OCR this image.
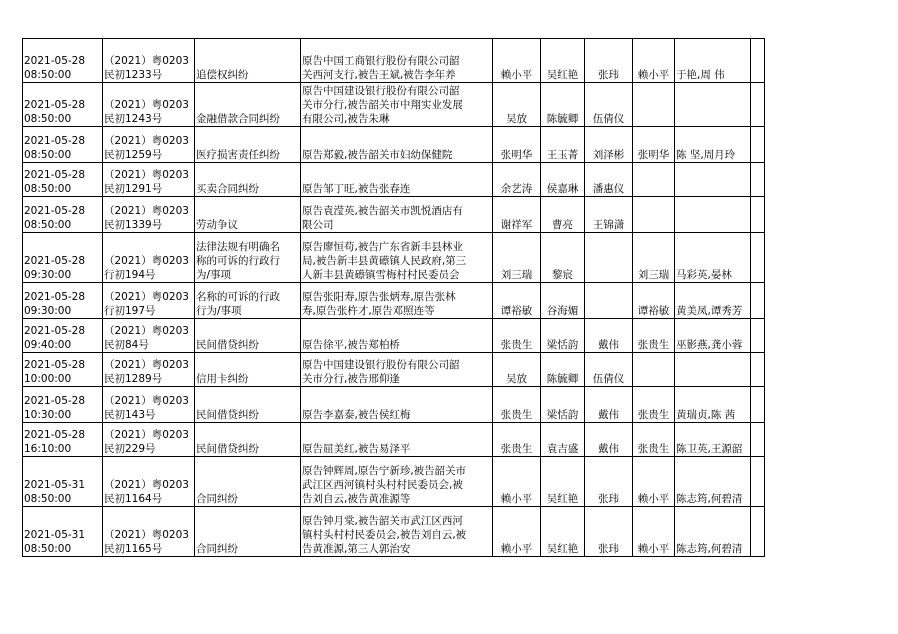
2021-05-28
08:50:00	（2021）粤0203
民初1233号	追偿权纠纷	原告中国工商银行股份有限公司韶
关西河支行,被告王斌,被告李年养	赖小平	吴红艳	张玮	赖小平	于艳,周 伟	
2021-05-28
08:50:00	（2021）粤0203
民初1243号	金融借款合同纠纷	原告中国建设银行股份有限公司韶
关市分行,被告韶关市中翔实业发展
有限公司,被告朱琳	吴放	陈毓卿	伍倩仪			
2021-05-28
08:50:00	（2021）粤0203
民初1259号	医疗损害责任纠纷	原告郑毅,被告韶关市妇幼保健院	张明华	王玉菁	刘泽彬	张明华	陈 坚,周月玲	
2021-05-28
08:50:00	（2021）粤0203
民初1291号	买卖合同纠纷	原告邹丁旺,被告张春连	余艺涛	侯嘉琳	潘惠仪			
2021-05-28
08:50:00	（2021）粤0203
民初1339号	劳动争议	原告袁滢英,被告韶关市凯悦酒店有
限公司	谢祥军	曹亮	王锦潇			
2021-05-28
09:30:00	（2021）粤0203
行初194号	法律法规有明确名
称的可诉的行政行
为/事项	原告廖恒苟,被告广东省新丰县林业
局,被告新丰县黄礤镇人民政府,第三
人新丰县黄礤镇雪梅村村民委员会	刘三瑞	黎宸		刘三瑞	马彩英,晏林	
2021-05-28
09:30:00	（2021）粤0203
行初197号	名称的可诉的行政
行为/事项	原告张阳寿,原告张炳寿,原告张林
寿,原告张杵才,原告邓照连等	谭裕敏	谷海媚		谭裕敏	黄美凤,谭秀芳	
2021-05-28
09:40:00	（2021）粤0203
民初84号	民间借贷纠纷	原告徐平,被告郑柏桥	张贵生	梁恬韵	戴伟	张贵生	巫影燕,龚小蓉	
2021-05-28
10:00:00	（2021）粤0203
民初1289号	信用卡纠纷	原告中国建设银行股份有限公司韶
关市分行,被告邢仰逢	吴放	陈毓卿	伍倩仪			
2021-05-28
10:30:00	（2021）粤0203
民初143号	民间借贷纠纷	原告李嘉泰,被告侯红梅	张贵生	梁恬韵	戴伟	张贵生	黄瑞贞,陈 茜	
2021-05-28
16:10:00	（2021）粤0203
民初229号	民间借贷纠纷	原告屈美红,被告易泽平	张贵生	袁吉盛	戴伟	张贵生	陈卫英,王源韶	
2021-05-31
08:50:00	（2021）粤0203
民初1164号	合同纠纷	原告钟辉周,原告宁新珍,被告韶关市
武江区西河镇村头村村民委员会,被
告刘自云,被告黄准源等	赖小平	吴红艳	张玮	赖小平	陈志筠,何碧清	
2021-05-31
08:50:00	（2021）粤0203
民初1165号	合同纠纷	原告钟月棠,被告韶关市武江区西河
镇村头村村民委员会,被告刘自云,被
告黄准源,第三人郭治安	赖小平	吴红艳	张玮	赖小平	陈志筠,何碧清	
